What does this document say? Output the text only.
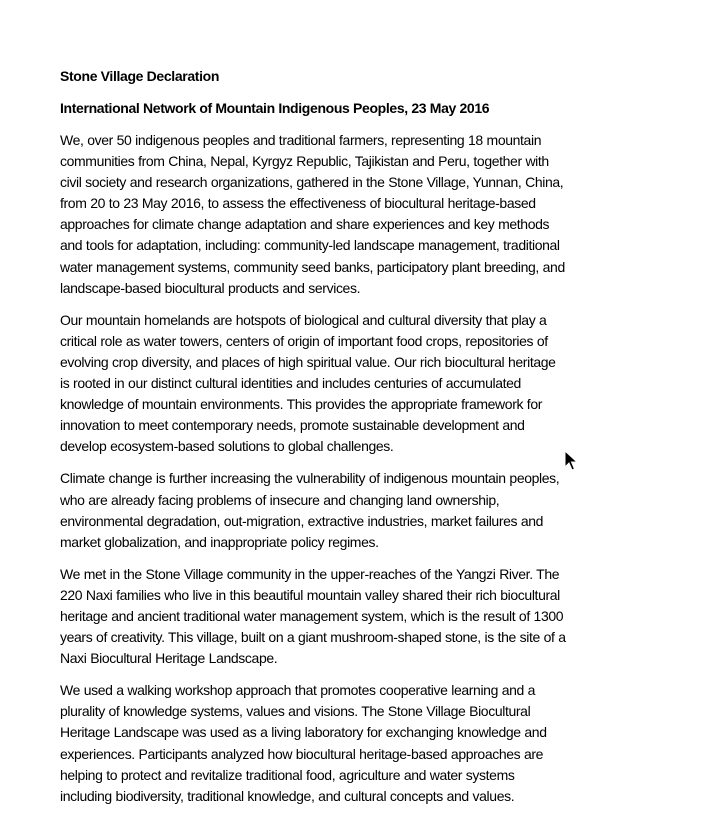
Stone Village Declaration
International Network of Mountain Indigenous Peoples, 23 May 2016
We, over 50 indigenous peoples and traditional farmers, representing 18 mountain
communities from China, Nepal, Kyrgyz Republic, Tajikistan and Peru, together with
civil society and research organizations, gathered in the Stone Village, Yunnan, China,
from 20 to 23 May 2016, to assess the effectiveness of biocultural heritage-based
approaches for climate change adaptation and share experiences and key methods
and tools for adaptation, including: community-led landscape management, traditional
water management systems, community seed banks, participatory plant breeding, and
landscape-based biocultural products and services.
Our mountain homelands are hotspots of biological and cultural diversity that play a
critical role as water towers, centers of origin of important food crops, repositories of
evolving crop diversity, and places of high spiritual value. Our rich biocultural heritage
is rooted in our distinct cultural identities and includes centuries of accumulated
knowledge of mountain environments. This provides the appropriate framework for
innovation to meet contemporary needs, promote sustainable development and
develop ecosystem-based solutions to global challenges.
Climate change is further increasing the vulnerability of indigenous mountain peoples,
who are already facing problems of insecure and changing land ownership,
environmental degradation, out-migration, extractive industries, market failures and
market globalization, and inappropriate policy regimes.
We met in the Stone Village community in the upper-reaches of the Yangzi River. The
220 Naxi families who live in this beautiful mountain valley shared their rich biocultural
heritage and ancient traditional water management system, which is the result of 1300
years of creativity. This village, built on a giant mushroom-shaped stone, is the site of a
Naxi Biocultural Heritage Landscape.
We used a walking workshop approach that promotes cooperative learning and a
plurality of knowledge systems, values and visions. The Stone Village Biocultural
Heritage Landscape was used as a living laboratory for exchanging knowledge and
experiences. Participants analyzed how biocultural heritage-based approaches are
helping to protect and revitalize traditional food, agriculture and water systems
including biodiversity, traditional knowledge, and cultural concepts and values.
